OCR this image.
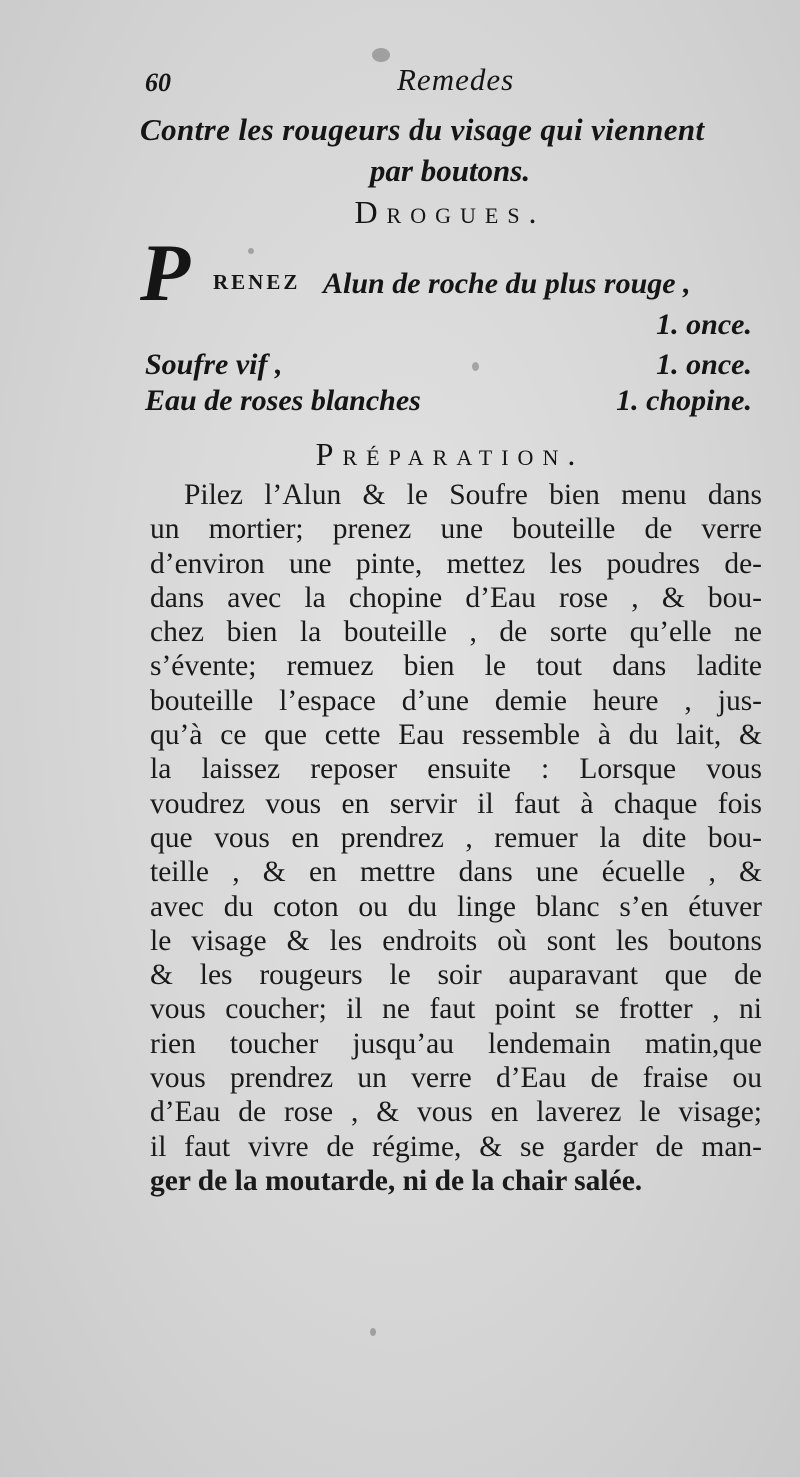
60	Remedes
Contre les rougeurs du visage qui viennent
par boutons.
Drogues.
P RENEZ Alun de roche du plus rouge ,
1. once.
Soufre vif ,	1. once.
Eau de roses blanches	1. chopine.
Préparation.
Pilez l’Alun & le Soufre bien menu dans
un mortier; prenez une bouteille de verre
d’environ une pinte, mettez les poudres de-
dans avec la chopine d’Eau rose , & bou-
chez bien la bouteille , de sorte qu’elle ne
s’évente; remuez bien le tout dans ladite
bouteille l’espace d’une demie heure , jus-
qu’à ce que cette Eau ressemble à du lait, &
la laissez reposer ensuite : Lorsque vous
voudrez vous en servir il faut à chaque fois
que vous en prendrez , remuer la dite bou-
teille , & en mettre dans une écuelle , &
avec du coton ou du linge blanc s’en étuver
le visage & les endroits où sont les boutons
& les rougeurs le soir auparavant que de
vous coucher; il ne faut point se frotter , ni
rien toucher jusqu’au lendemain matin,que
vous prendrez un verre d’Eau de fraise ou
d’Eau de rose , & vous en laverez le visage;
il faut vivre de régime, & se garder de man-
ger de la moutarde, ni de la chair salée.
